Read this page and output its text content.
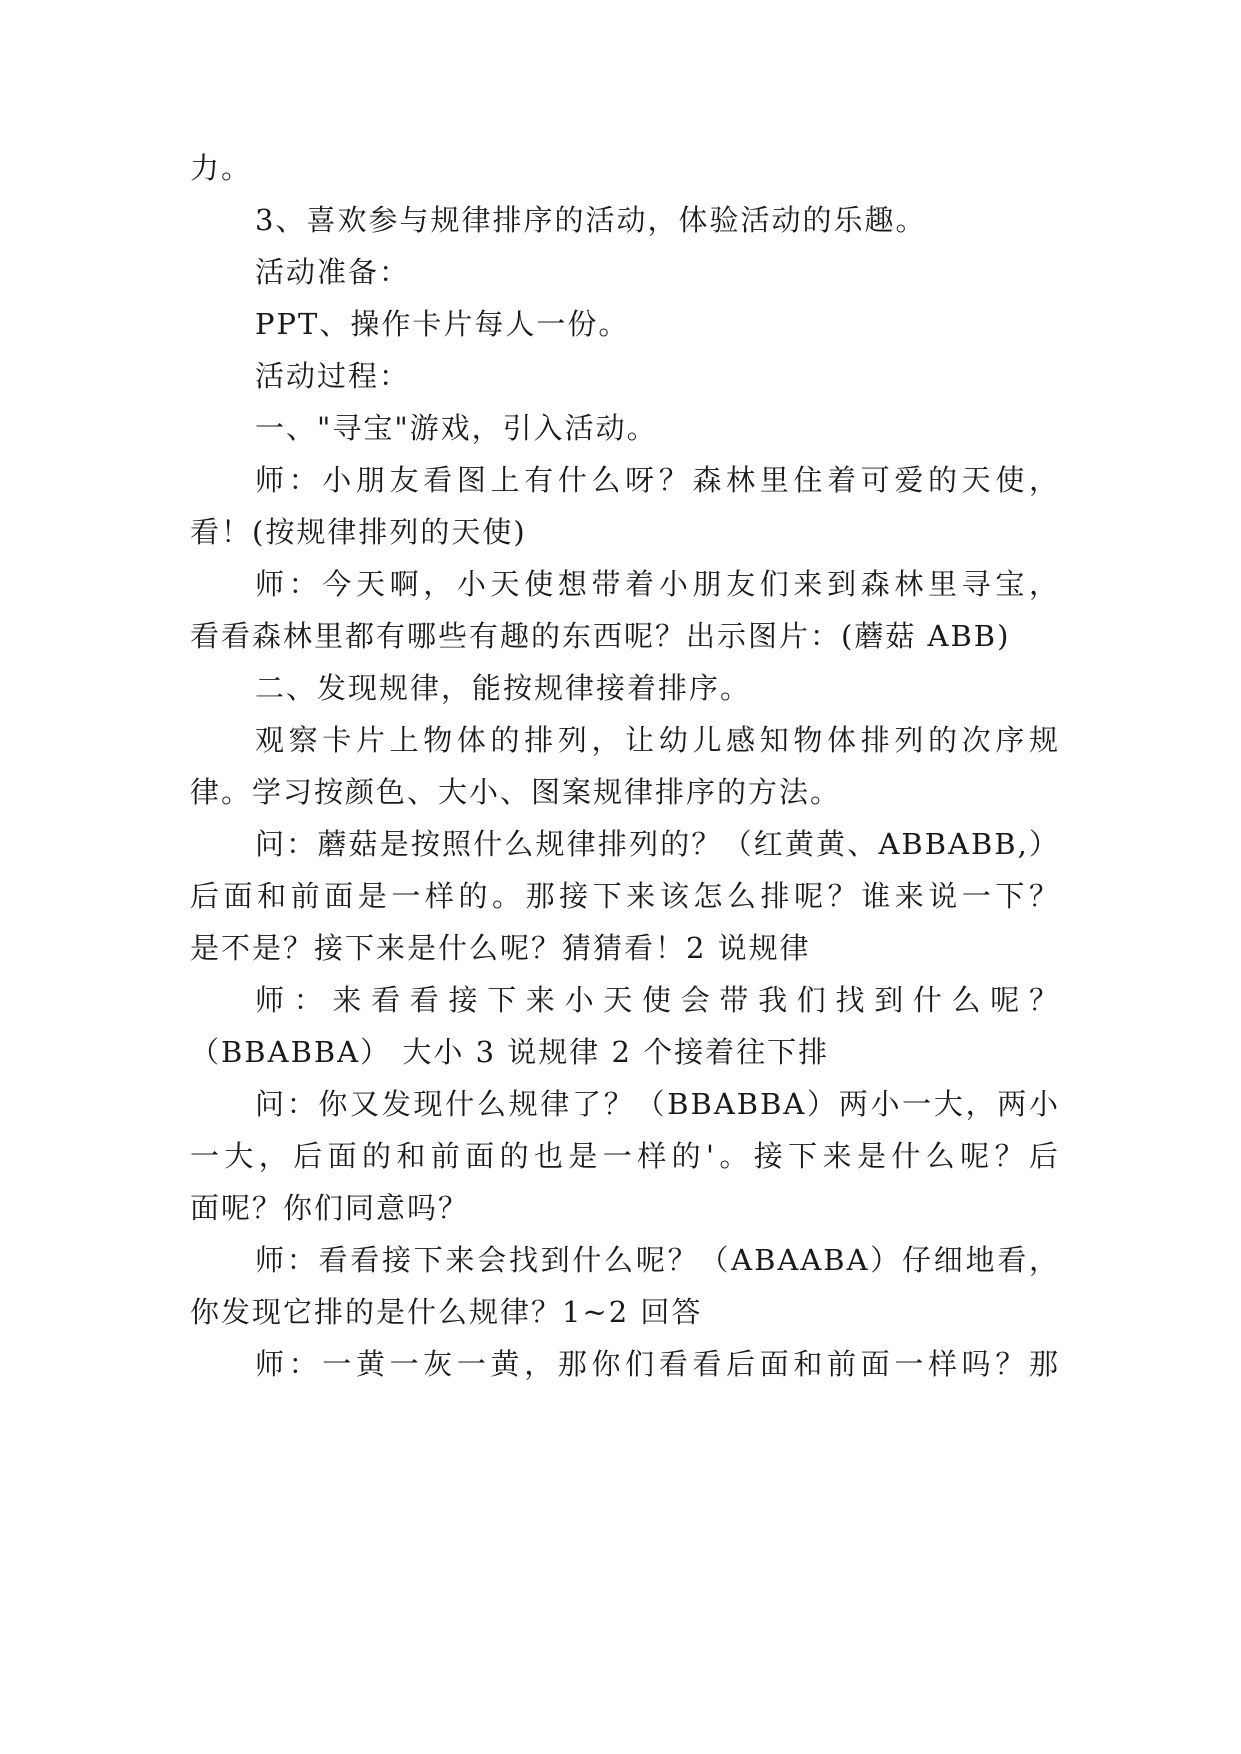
力。
3、喜欢参与规律排序的活动，体验活动的乐趣。
活动准备：
PPT、操作卡片每人一份。
活动过程：
一、"寻宝"游戏，引入活动。
师：小朋友看图上有什么呀？森林里住着可爱的天使，
看！(按规律排列的天使)
师：今天啊，小天使想带着小朋友们来到森林里寻宝，
看看森林里都有哪些有趣的东西呢？出示图片：(蘑菇 ABB)
二、发现规律，能按规律接着排序。
观察卡片上物体的排列，让幼儿感知物体排列的次序规
律。学习按颜色、大小、图案规律排序的方法。
问：蘑菇是按照什么规律排列的？（红黄黄、ABBABB,）
后面和前面是一样的。那接下来该怎么排呢？谁来说一下？
是不是？接下来是什么呢？猜猜看！2 说规律
师：来看看接下来小天使会带我们找到什么呢？
（BBABBA） 大小 3 说规律 2 个接着往下排
问：你又发现什么规律了？（BBABBA）两小一大，两小
一大，后面的和前面的也是一样的'。接下来是什么呢？后
面呢？你们同意吗？
师：看看接下来会找到什么呢？（ABAABA）仔细地看，
你发现它排的是什么规律？1~2 回答
师：一黄一灰一黄，那你们看看后面和前面一样吗？那
